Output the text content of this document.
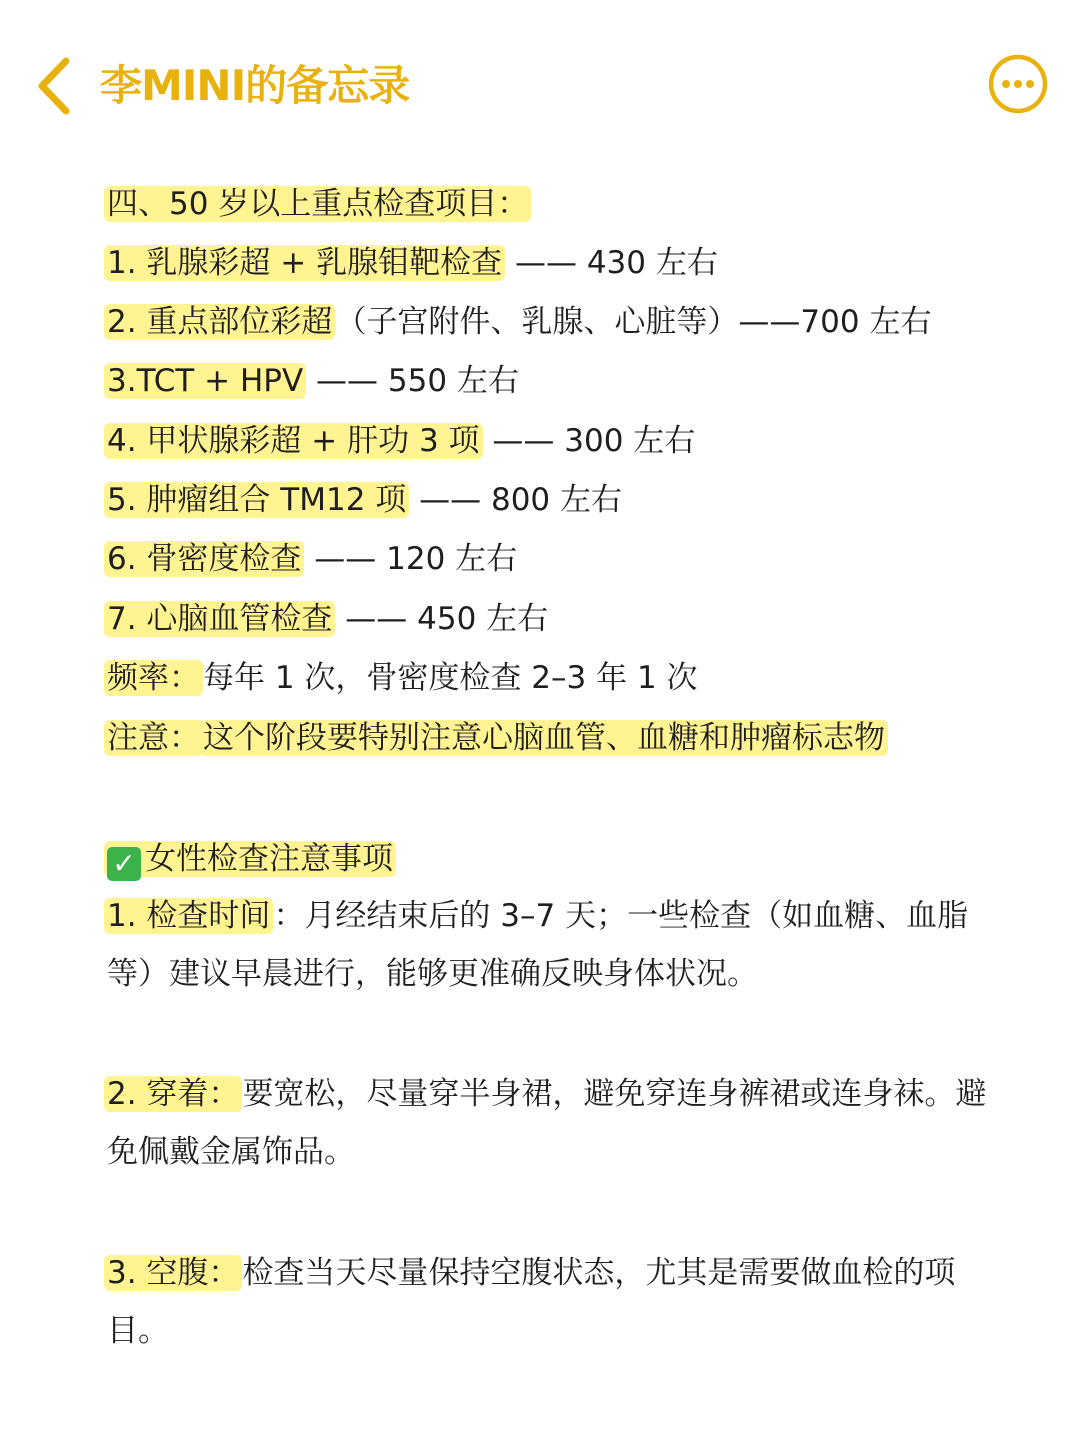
李MINI的备忘录
四、50 岁以上重点检查项目：
1. 乳腺彩超 + 乳腺钼靶检查 —— 430 左右
2. 重点部位彩超（子宫附件、乳腺、心脏等）——700 左右
3.TCT + HPV —— 550 左右
4. 甲状腺彩超 + 肝功 3 项 —— 300 左右
5. 肿瘤组合 TM12 项 —— 800 左右
6. 骨密度检查 —— 120 左右
7. 心脑血管检查 —— 450 左右
频率：每年 1 次，骨密度检查 2–3 年 1 次
注意：这个阶段要特别注意心脑血管、血糖和肿瘤标志物
✓ 女性检查注意事项
1. 检查时间：月经结束后的 3–7 天；一些检查（如血糖、血脂等）建议早晨进行，能够更准确反映身体状况。
2. 穿着：要宽松，尽量穿半身裙，避免穿连身裤裙或连身袜。避免佩戴金属饰品。
3. 空腹：检查当天尽量保持空腹状态，尤其是需要做血检的项目。
